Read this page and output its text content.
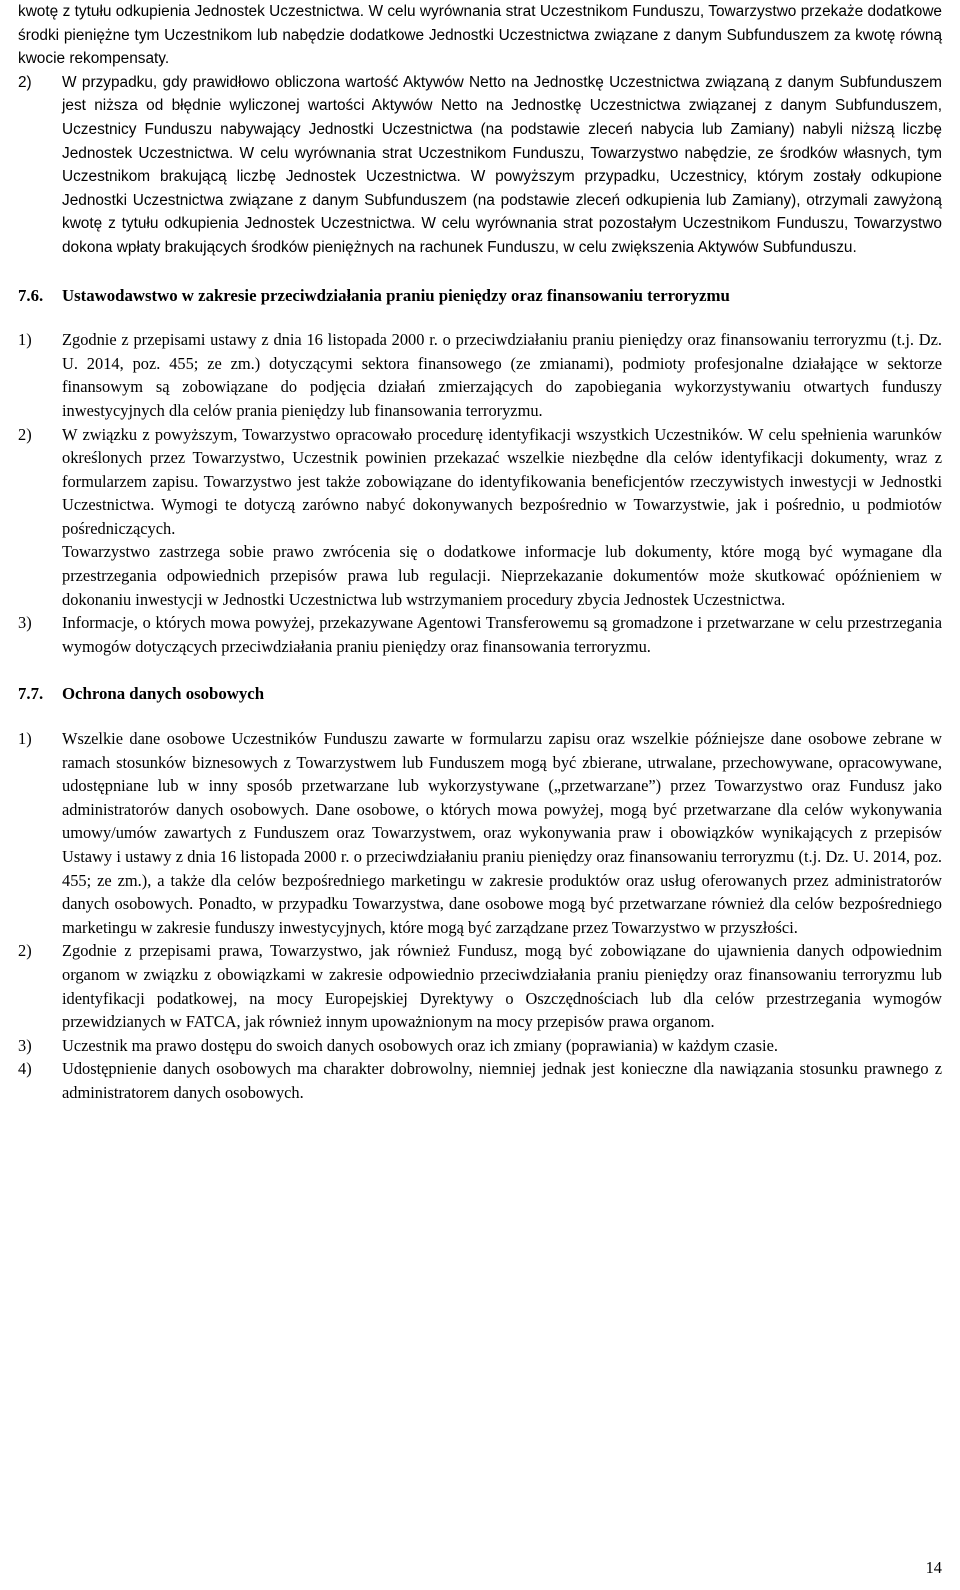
kwotę z tytułu odkupienia Jednostek Uczestnictwa. W celu wyrównania strat Uczestnikom Funduszu, Towarzystwo przekaże dodatkowe środki pieniężne tym Uczestnikom lub nabędzie dodatkowe Jednostki Uczestnictwa związane z danym Subfunduszem za kwotę równą kwocie rekompensaty.

2) W przypadku, gdy prawidłowo obliczona wartość Aktywów Netto na Jednostkę Uczestnictwa związaną z danym Subfunduszem jest niższa od błędnie wyliczonej wartości Aktywów Netto na Jednostkę Uczestnictwa związanej z danym Subfunduszem, Uczestnicy Funduszu nabywający Jednostki Uczestnictwa (na podstawie zleceń nabycia lub Zamiany) nabyli niższą liczbę Jednostek Uczestnictwa. W celu wyrównania strat Uczestnikom Funduszu, Towarzystwo nabędzie, ze środków własnych, tym Uczestnikom brakującą liczbę Jednostek Uczestnictwa. W powyższym przypadku, Uczestnicy, którym zostały odkupione Jednostki Uczestnictwa związane z danym Subfunduszem (na podstawie zleceń odkupienia lub Zamiany), otrzymali zawyżoną kwotę z tytułu odkupienia Jednostek Uczestnictwa. W celu wyrównania strat pozostałym Uczestnikom Funduszu, Towarzystwo dokona wpłaty brakujących środków pieniężnych na rachunek Funduszu, w celu zwiększenia Aktywów Subfunduszu.

7.6. Ustawodawstwo w zakresie przeciwdziałania praniu pieniędzy oraz finansowaniu terroryzmu
1) Zgodnie z przepisami ustawy z dnia 16 listopada 2000 r. o przeciwdziałaniu praniu pieniędzy oraz finansowaniu terroryzmu (t.j. Dz. U. 2014, poz. 455; ze zm.) dotyczącymi sektora finansowego (ze zmianami), podmioty profesjonalne działające w sektorze finansowym są zobowiązane do podjęcia działań zmierzających do zapobiegania wykorzystywaniu otwartych funduszy inwestycyjnych dla celów prania pieniędzy lub finansowania terroryzmu.

2) W związku z powyższym, Towarzystwo opracowało procedurę identyfikacji wszystkich Uczestników. W celu spełnienia warunków określonych przez Towarzystwo, Uczestnik powinien przekazać wszelkie niezbędne dla celów identyfikacji dokumenty, wraz z formularzem zapisu. Towarzystwo jest także zobowiązane do identyfikowania beneficjentów rzeczywistych inwestycji w Jednostki Uczestnictwa. Wymogi te dotyczą zarówno nabyć dokonywanych bezpośrednio w Towarzystwie, jak i pośrednio, u podmiotów pośredniczących.

Towarzystwo zastrzega sobie prawo zwrócenia się o dodatkowe informacje lub dokumenty, które mogą być wymagane dla przestrzegania odpowiednich przepisów prawa lub regulacji. Nieprzekazanie dokumentów może skutkować opóźnieniem w dokonaniu inwestycji w Jednostki Uczestnictwa lub wstrzymaniem procedury zbycia Jednostek Uczestnictwa.

3) Informacje, o których mowa powyżej, przekazywane Agentowi Transferowemu są gromadzone i przetwarzane w celu przestrzegania wymogów dotyczących przeciwdziałania praniu pieniędzy oraz finansowania terroryzmu.

7.7. Ochrona danych osobowych
1) Wszelkie dane osobowe Uczestników Funduszu zawarte w formularzu zapisu oraz wszelkie późniejsze dane osobowe zebrane w ramach stosunków biznesowych z Towarzystwem lub Funduszem mogą być zbierane, utrwalane, przechowywane, opracowywane, udostępniane lub w inny sposób przetwarzane lub wykorzystywane („przetwarzane”) przez Towarzystwo oraz Fundusz jako administratorów danych osobowych. Dane osobowe, o których mowa powyżej, mogą być przetwarzane dla celów wykonywania umowy/umów zawartych z Funduszem oraz Towarzystwem, oraz wykonywania praw i obowiązków wynikających z przepisów Ustawy i ustawy z dnia 16 listopada 2000 r. o przeciwdziałaniu praniu pieniędzy oraz finansowaniu terroryzmu (t.j. Dz. U. 2014, poz. 455; ze zm.), a także dla celów bezpośredniego marketingu w zakresie produktów oraz usług oferowanych przez administratorów danych osobowych. Ponadto, w przypadku Towarzystwa, dane osobowe mogą być przetwarzane również dla celów bezpośredniego marketingu w zakresie funduszy inwestycyjnych, które mogą być zarządzane przez Towarzystwo w przyszłości.

2) Zgodnie z przepisami prawa, Towarzystwo, jak również Fundusz, mogą być zobowiązane do ujawnienia danych odpowiednim organom w związku z obowiązkami w zakresie odpowiednio przeciwdziałania praniu pieniędzy oraz finansowaniu terroryzmu lub identyfikacji podatkowej, na mocy Europejskiej Dyrektywy o Oszczędnościach lub dla celów przestrzegania wymogów przewidzianych w FATCA, jak również innym upoważnionym na mocy przepisów prawa organom.

3) Uczestnik ma prawo dostępu do swoich danych osobowych oraz ich zmiany (poprawiania) w każdym czasie.

4) Udostępnienie danych osobowych ma charakter dobrowolny, niemniej jednak jest konieczne dla nawiązania stosunku prawnego z administratorem danych osobowych.

14
